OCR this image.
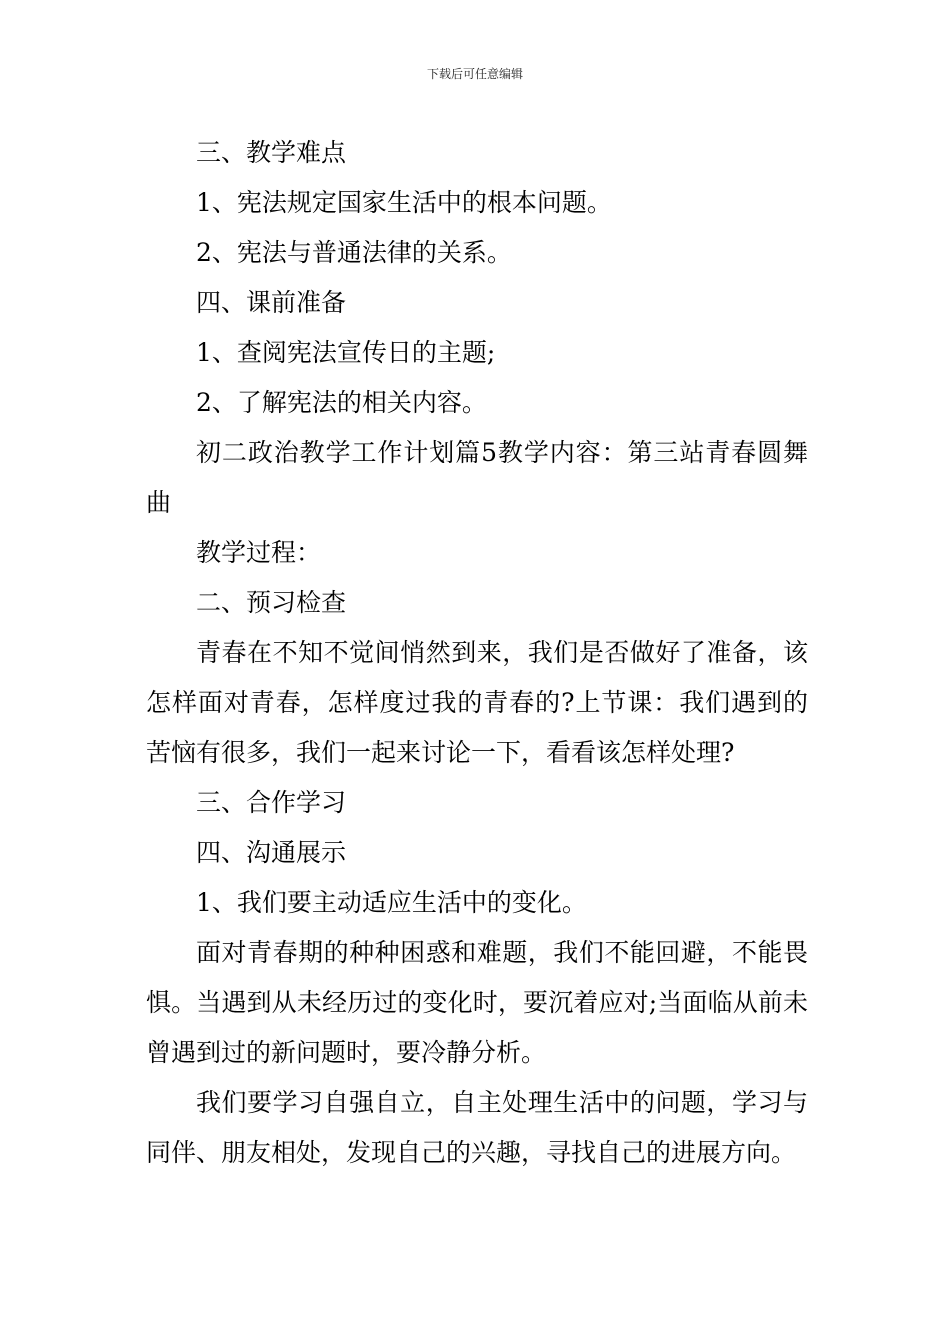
下载后可任意编辑

三、教学难点

1、宪法规定国家生活中的根本问题。

2、宪法与普通法律的关系。

四、课前准备

1、查阅宪法宣传日的主题;

2、了解宪法的相关内容。

初二政治教学工作计划篇5教学内容：第三站青春圆舞曲

教学过程：

二、预习检查

青春在不知不觉间悄然到来，我们是否做好了准备，该怎样面对青春，怎样度过我的青春的?上节课：我们遇到的苦恼有很多，我们一起来讨论一下，看看该怎样处理?

三、合作学习

四、沟通展示

1、我们要主动适应生活中的变化。

面对青春期的种种困惑和难题，我们不能回避，不能畏惧。当遇到从未经历过的变化时，要沉着应对;当面临从前未曾遇到过的新问题时，要冷静分析。

我们要学习自强自立，自主处理生活中的问题，学习与同伴、朋友相处，发现自己的兴趣，寻找自己的进展方向。
